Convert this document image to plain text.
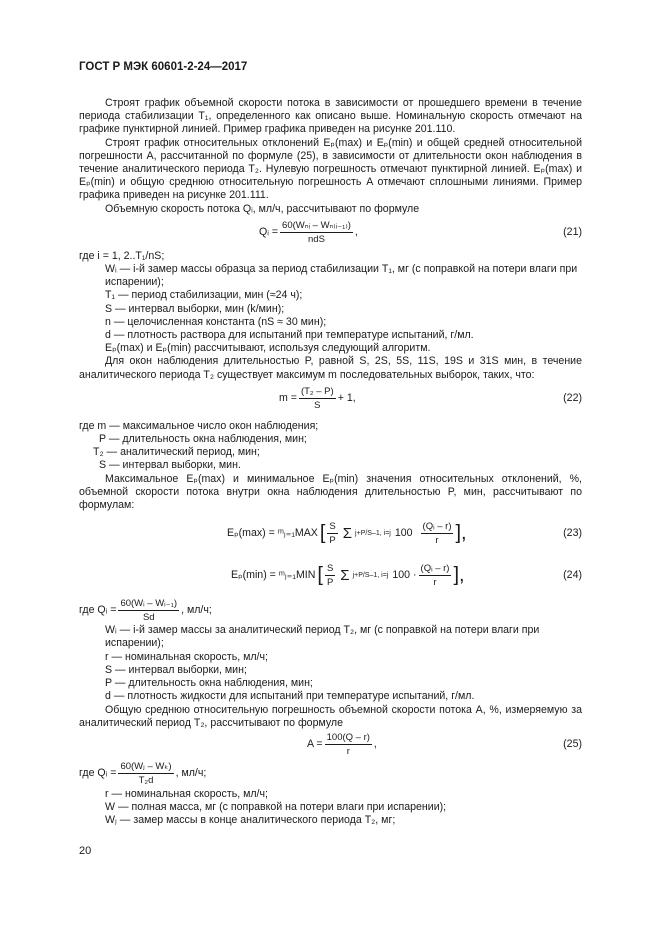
ГОСТ Р МЭК 60601-2-24—2017

Строят график объемной скорости потока в зависимости от прошедшего времени в течение периода стабилизации T₁, определенного как описано выше. Номинальную скорость отмечают на графике пунктирной линией. Пример графика приведен на рисунке 201.110.

Строят график относительных отклонений Eₚ(max) и Eₚ(min) и общей средней относительной погрешности A, рассчитанной по формуле (25), в зависимости от длительности окон наблюдения в течение аналитического периода T₂. Нулевую погрешность отмечают пунктирной линией. Eₚ(max) и Eₚ(min) и общую среднюю относительную погрешность A отмечают сплошными линиями. Пример графика приведен на рисунке 201.111.

Объемную скорость потока Qᵢ, мл/ч, рассчитывают по формуле

Qᵢ = $\frac{\text{60(Wₙᵢ – Wₙ₍ᵢ₋₁₎)}}{\text{ndS}}$ ,	(21)

где i = 1, 2..T₁/nS;

Wᵢ — i-й замер массы образца за период стабилизации T₁, мг (с поправкой на потери влаги при испарении);

T₁ — период стабилизации, мин (≈24 ч);

S — интервал выборки, мин (k/мин);

n — целочисленная константа (nS ≈ 30 мин);

d — плотность раствора для испытаний при температуре испытаний, г/мл.

Eₚ(max) и Eₚ(min) рассчитывают, используя следующий алгоритм.

Для окон наблюдения длительностью P, равной S, 2S, 5S, 11S, 19S и 31S мин, в течение аналитического периода T₂ существует максимум m последовательных выборок, таких, что:

$m = \frac{\text{(T₂ – P)}}{S} + 1$,	(22)

где m — максимальное число окон наблюдения;

P — длительность окна наблюдения, мин;

T₂ — аналитический период, мин;

S — интервал выборки, мин.

Максимальное Eₚ(max) и минимальное Eₚ(min) значения относительных отклонений, %, объемной скорости потока внутри окна наблюдения длительностью P, мин, рассчитывают по формулам:

Eₚ(max) = ᵐⱼ₌₁MAX [ $\frac{S}{P}$ Σ j+P/S–1, i=j $100 \frac{\text{(Qᵢ – r)}}{r}$ ],	(23)
Eₚ(min) = ᵐⱼ₌₁MIN [ $\frac{S}{P}$ Σ j+P/S–1, i=j $100 \cdot \frac{\text{(Qᵢ – r)}}{r}$ ],	(24)
где Qᵢ = $\frac{\text{60(Wᵢ – Wᵢ₋₁)}}{Sd}$ , мл/ч;

Wᵢ — i-й замер массы за аналитический период T₂, мг (с поправкой на потери влаги при испарении);

r — номинальная скорость, мл/ч;

S — интервал выборки, мин;

P — длительность окна наблюдения, мин;

d — плотность жидкости для испытаний при температуре испытаний, г/мл.

Общую среднюю относительную погрешность объемной скорости потока A, %, измеряемую за аналитический период T₂, рассчитывают по формуле

$A = \frac{100(Q - r)}{r}$ ,	(25)
где Qᵢ = $\frac{\text{60(Wⱼ – Wₖ)}}{\text{T₂d}}$ , мл/ч;

r — номинальная скорость, мл/ч;

W — полная масса, мг (с поправкой на потери влаги при испарении);

Wⱼ — замер массы в конце аналитического периода T₂, мг;

20
